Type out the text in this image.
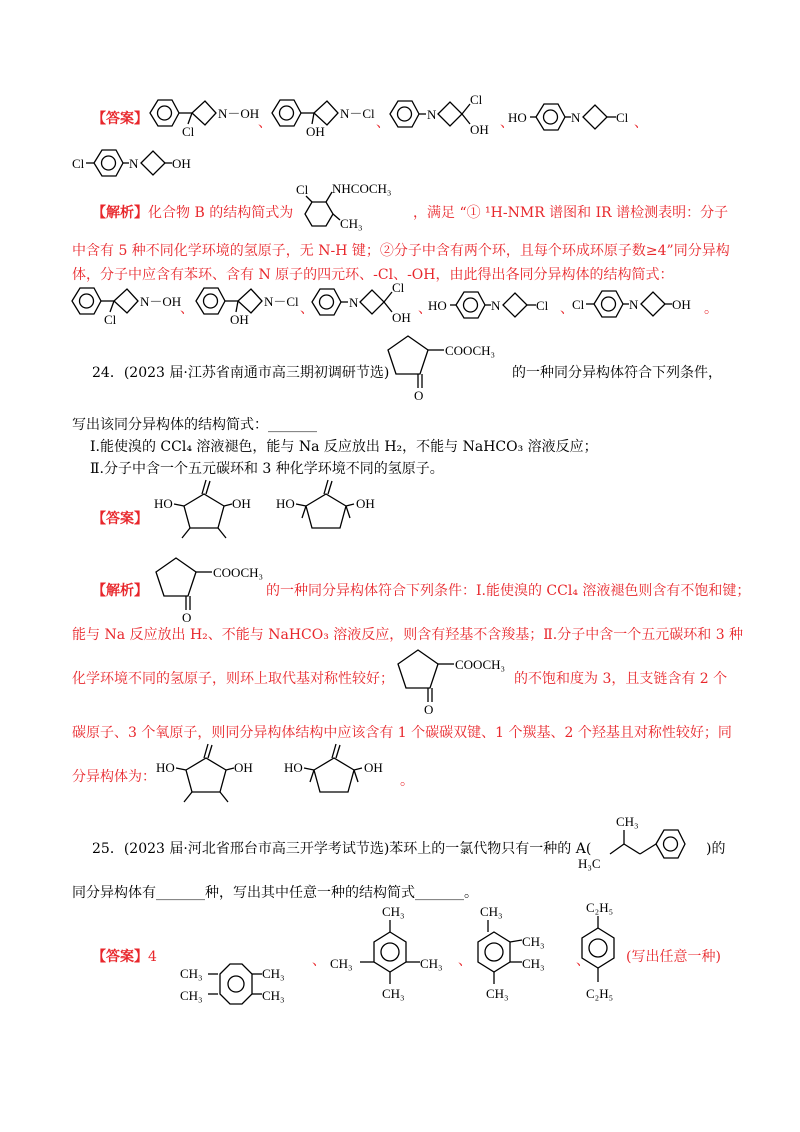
【答案】
Cl
N－OH
、
OH
N－Cl
、
N
Cl
OH 、
HO	N	Cl 、
Cl	N	OH
【解析】化合物 B 的结构简式为
Cl NHCOCH₃
CH₃
，满足 “① ¹H-NMR 谱图和 IR 谱检测表明：分子
中含有 5 种不同化学环境的氢原子，无 N-H 键；②分子中含有两个环，且每个环成环原子数≥4”同分异构
体，分子中应含有苯环、含有 N 原子的四元环、-Cl、-OH，由此得出各同分异构体的结构简式：
Cl
N－OH
、
OH
N－Cl 、	N
Cl
OH
、
HO	N	Cl 、
Cl	N	OH 。
24．(2023 届·江苏省南通市高三期初调研节选)
COOCH₃
O
的一种同分异构体符合下列条件，
写出该同分异构体的结构简式：_______
Ⅰ.能使溴的 CCl₄ 溶液褪色，能与 Na 反应放出 H₂，不能与 NaHCO₃ 溶液反应；
Ⅱ.分子中含一个五元碳环和 3 种化学环境不同的氢原子。
【答案】
HO	OH HO	OH
COOCH₃
O
【解析】	的一种同分异构体符合下列条件：Ⅰ.能使溴的 CCl₄ 溶液褪色则含有不饱和键；
能与 Na 反应放出 H₂、不能与 NaHCO₃ 溶液反应，则含有羟基不含羧基；Ⅱ.分子中含一个五元碳环和 3 种
化学环境不同的氢原子，则环上取代基对称性较好；
COOCH₃
O
的不饱和度为 3，且支链含有 2 个
碳原子、3 个氧原子，则同分异构体结构中应该含有 1 个碳碳双键、1 个羰基、2 个羟基且对称性较好；同
分异构体为：
HO	OH HO	OH
。
25．(2023 届·河北省邢台市高三开学考试节选)苯环上的一氯代物只有一种的 A(
CH₃
H₃C
)的
同分异构体有_______种，写出其中任意一种的结构简式_______。
【答案】4
CH₃
CH₃
CH₃
CH₃
、
CH₃
CH₃	CH₃
CH₃
、
CH₃
CH₃
CH₃
CH₃
、
C₂H₅
C₂H₅
(写出任意一种)
